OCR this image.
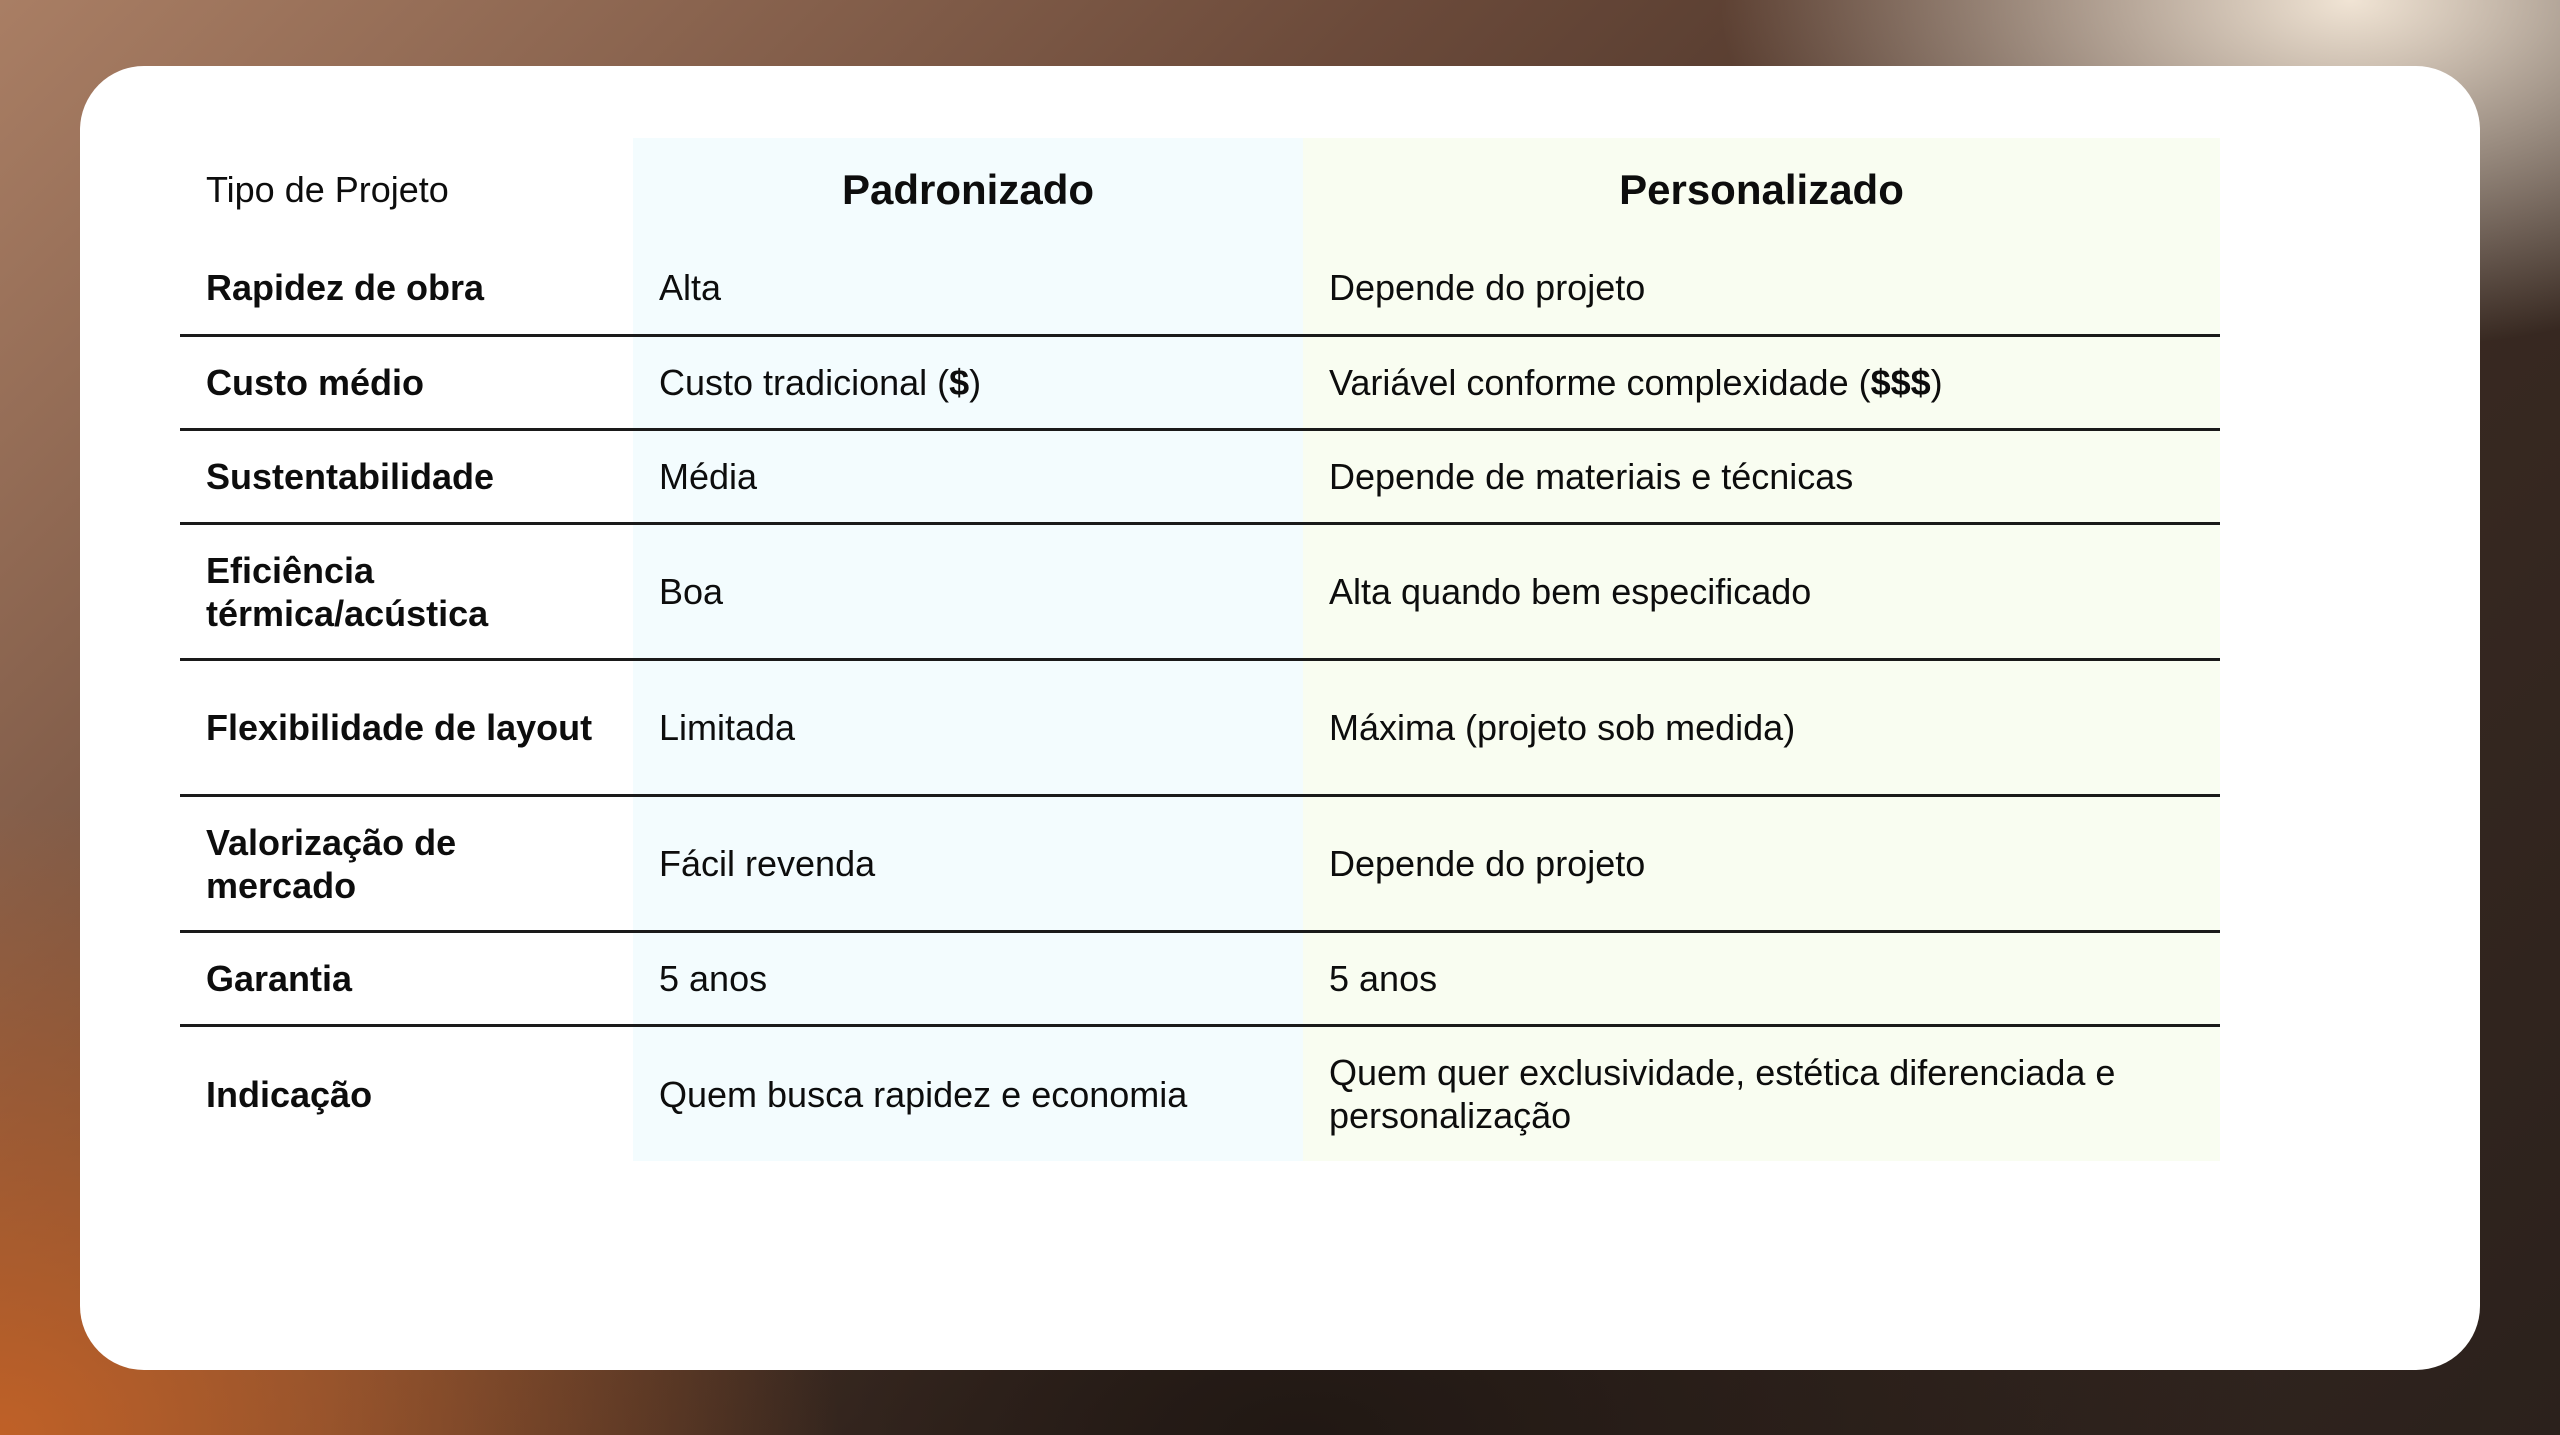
Tipo de Projeto	Padronizado	Personalizado
Rapidez de obra	Alta	Depende do projeto
Custo médio	Custo tradicional ($)	Variável conforme complexidade ($$$)
Sustentabilidade	Média	Depende de materiais e técnicas
Eficiência térmica/acústica	Boa	Alta quando bem especificado
Flexibilidade de layout	Limitada	Máxima (projeto sob medida)
Valorização de mercado	Fácil revenda	Depende do projeto
Garantia	5 anos	5 anos
Indicação	Quem busca rapidez e economia	Quem quer exclusividade, estética diferenciada e personalização
